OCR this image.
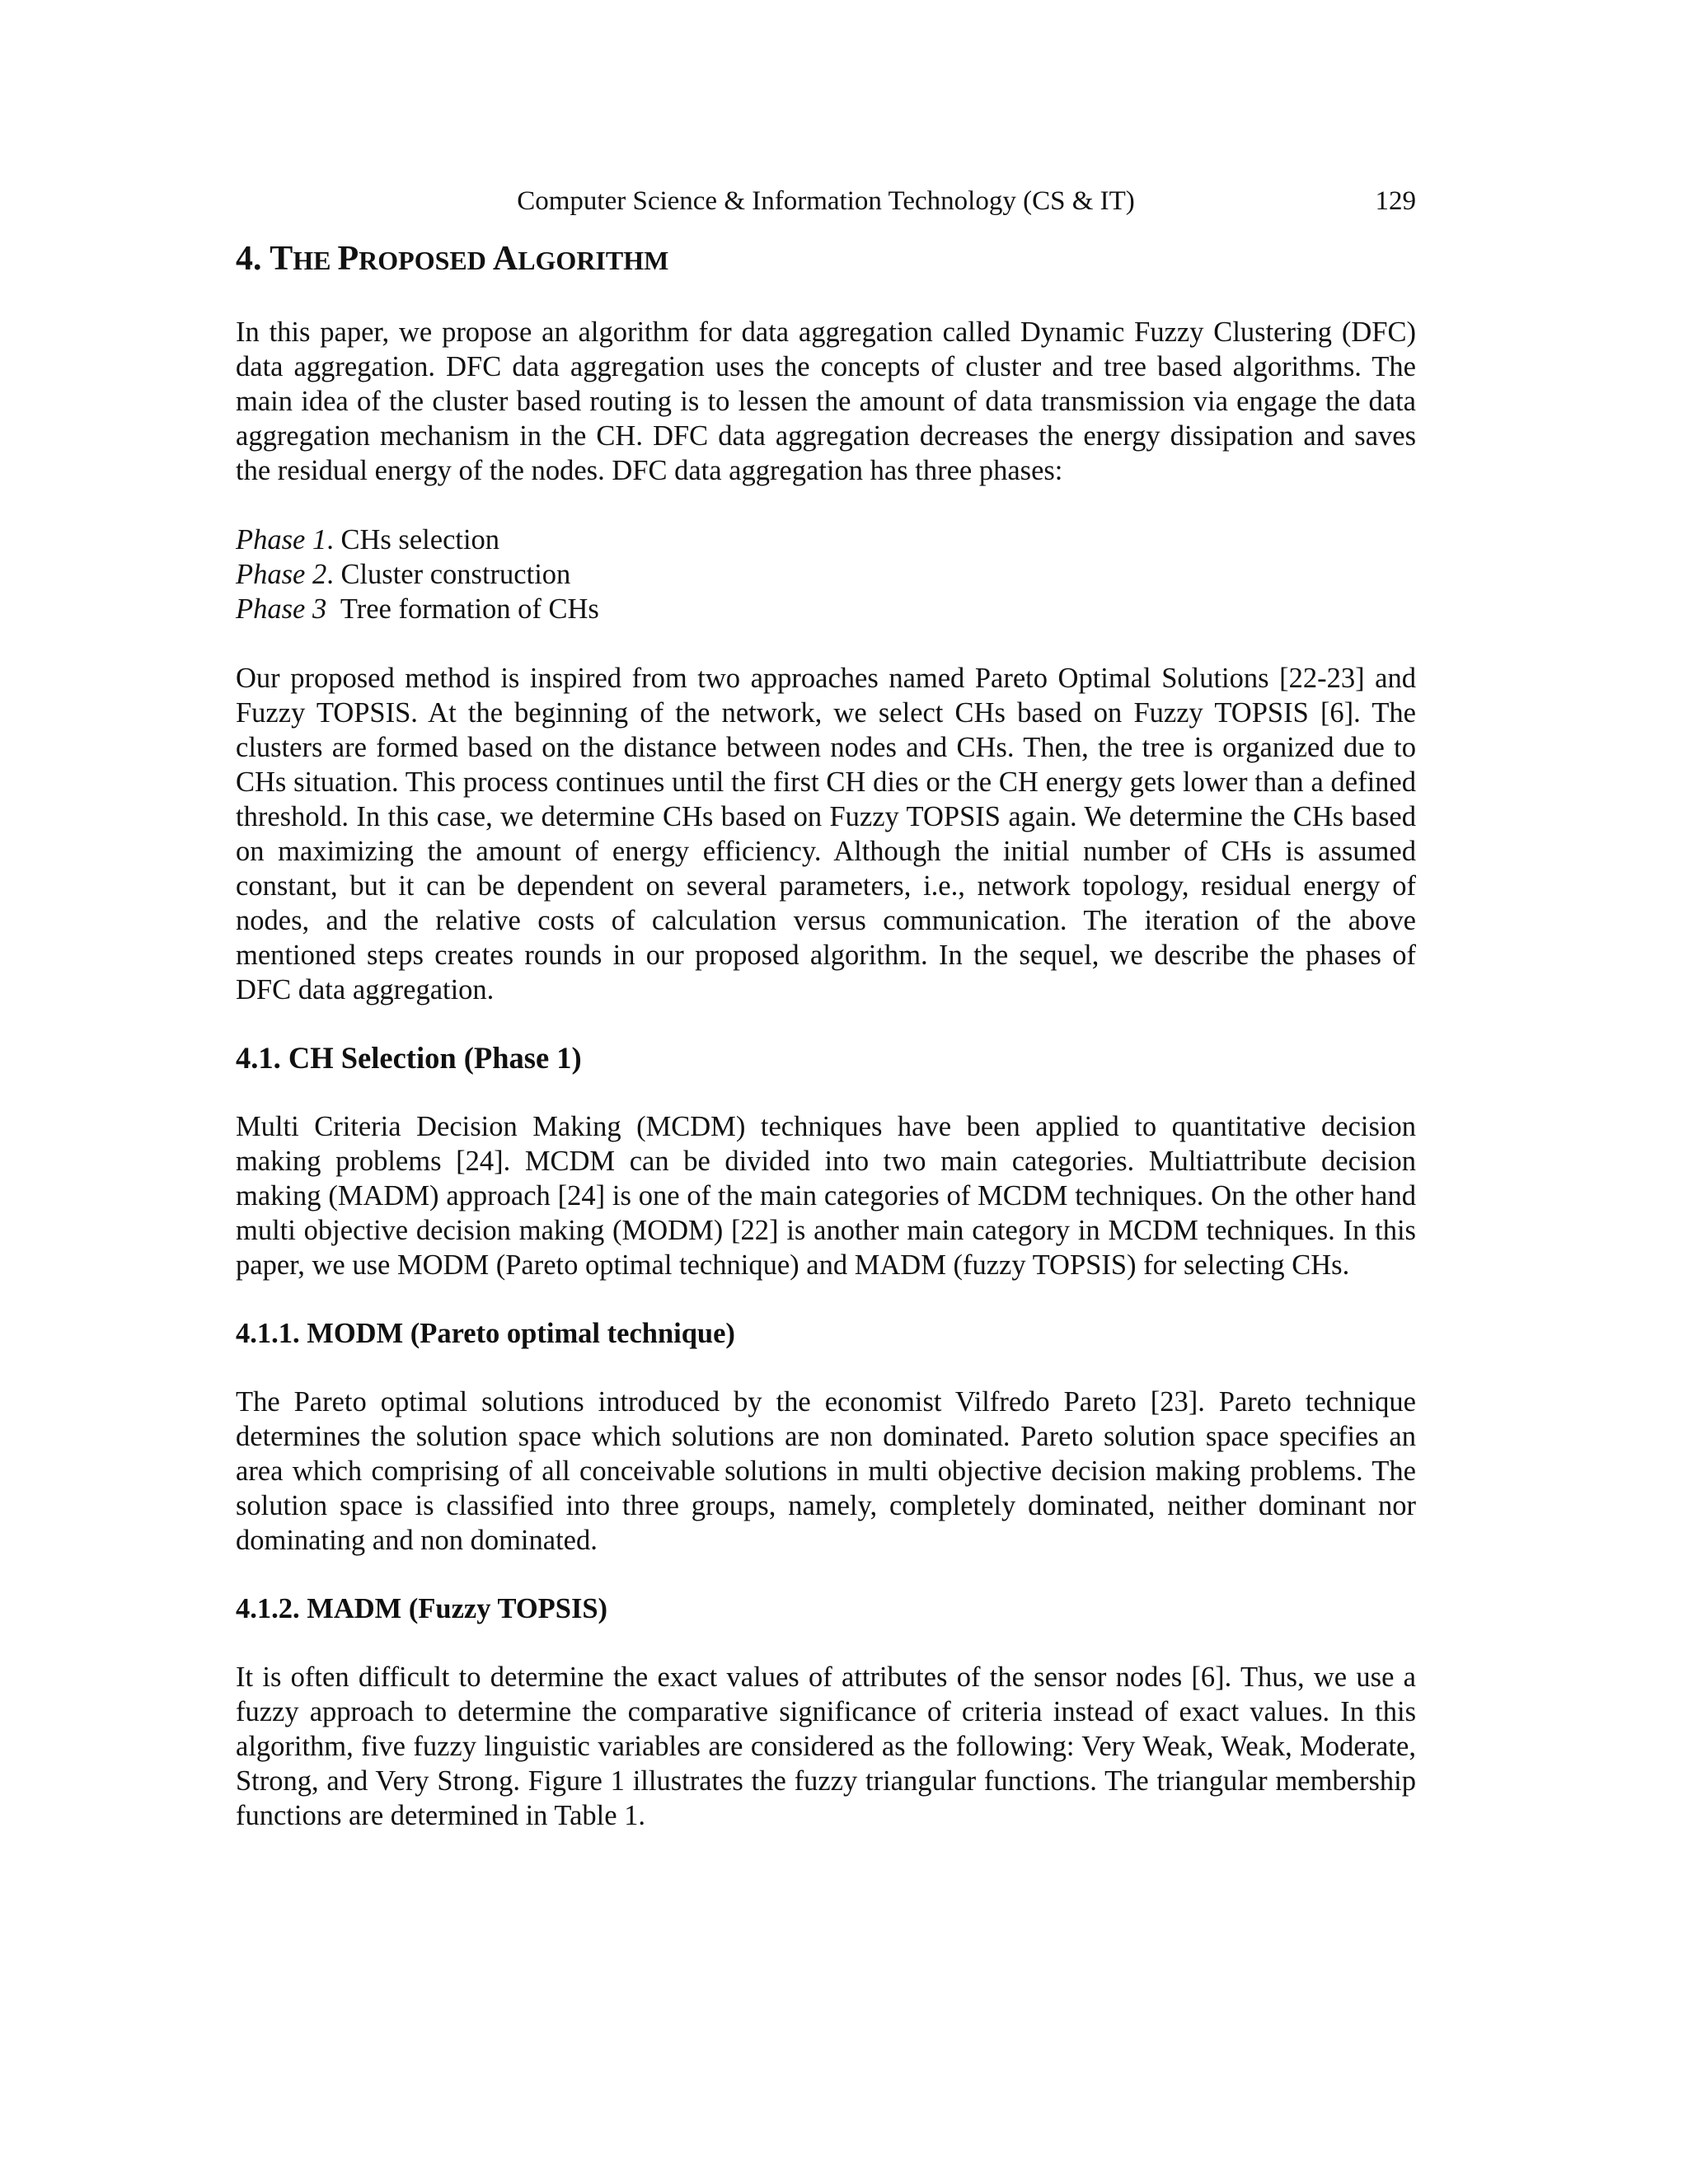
Computer Science & Information Technology (CS & IT)	129
4. THE PROPOSED ALGORITHM

In this paper, we propose an algorithm for data aggregation called Dynamic Fuzzy Clustering (DFC) data aggregation. DFC data aggregation uses the concepts of cluster and tree based algorithms. The main idea of the cluster based routing is to lessen the amount of data transmission via engage the data aggregation mechanism in the CH. DFC data aggregation decreases the energy dissipation and saves the residual energy of the nodes. DFC data aggregation has three phases:

Phase 1. CHs selection
Phase 2. Cluster construction
Phase 3 Tree formation of CHs

Our proposed method is inspired from two approaches named Pareto Optimal Solutions [22-23] and Fuzzy TOPSIS. At the beginning of the network, we select CHs based on Fuzzy TOPSIS [6]. The clusters are formed based on the distance between nodes and CHs. Then, the tree is organized due to CHs situation. This process continues until the first CH dies or the CH energy gets lower than a defined threshold. In this case, we determine CHs based on Fuzzy TOPSIS again. We determine the CHs based on maximizing the amount of energy efficiency. Although the initial number of CHs is assumed constant, but it can be dependent on several parameters, i.e., network topology, residual energy of nodes, and the relative costs of calculation versus communication. The iteration of the above mentioned steps creates rounds in our proposed algorithm. In the sequel, we describe the phases of DFC data aggregation.

4.1. CH Selection (Phase 1)

Multi Criteria Decision Making (MCDM) techniques have been applied to quantitative decision making problems [24]. MCDM can be divided into two main categories. Multiattribute decision making (MADM) approach [24] is one of the main categories of MCDM techniques. On the other hand multi objective decision making (MODM) [22] is another main category in MCDM techniques. In this paper, we use MODM (Pareto optimal technique) and MADM (fuzzy TOPSIS) for selecting CHs.

4.1.1. MODM (Pareto optimal technique)

The Pareto optimal solutions introduced by the economist Vilfredo Pareto [23]. Pareto technique determines the solution space which solutions are non dominated. Pareto solution space specifies an area which comprising of all conceivable solutions in multi objective decision making problems. The solution space is classified into three groups, namely, completely dominated, neither dominant nor dominating and non dominated.

4.1.2. MADM (Fuzzy TOPSIS)

It is often difficult to determine the exact values of attributes of the sensor nodes [6]. Thus, we use a fuzzy approach to determine the comparative significance of criteria instead of exact values. In this algorithm, five fuzzy linguistic variables are considered as the following: Very Weak, Weak, Moderate, Strong, and Very Strong. Figure 1 illustrates the fuzzy triangular functions. The triangular membership functions are determined in Table 1.
